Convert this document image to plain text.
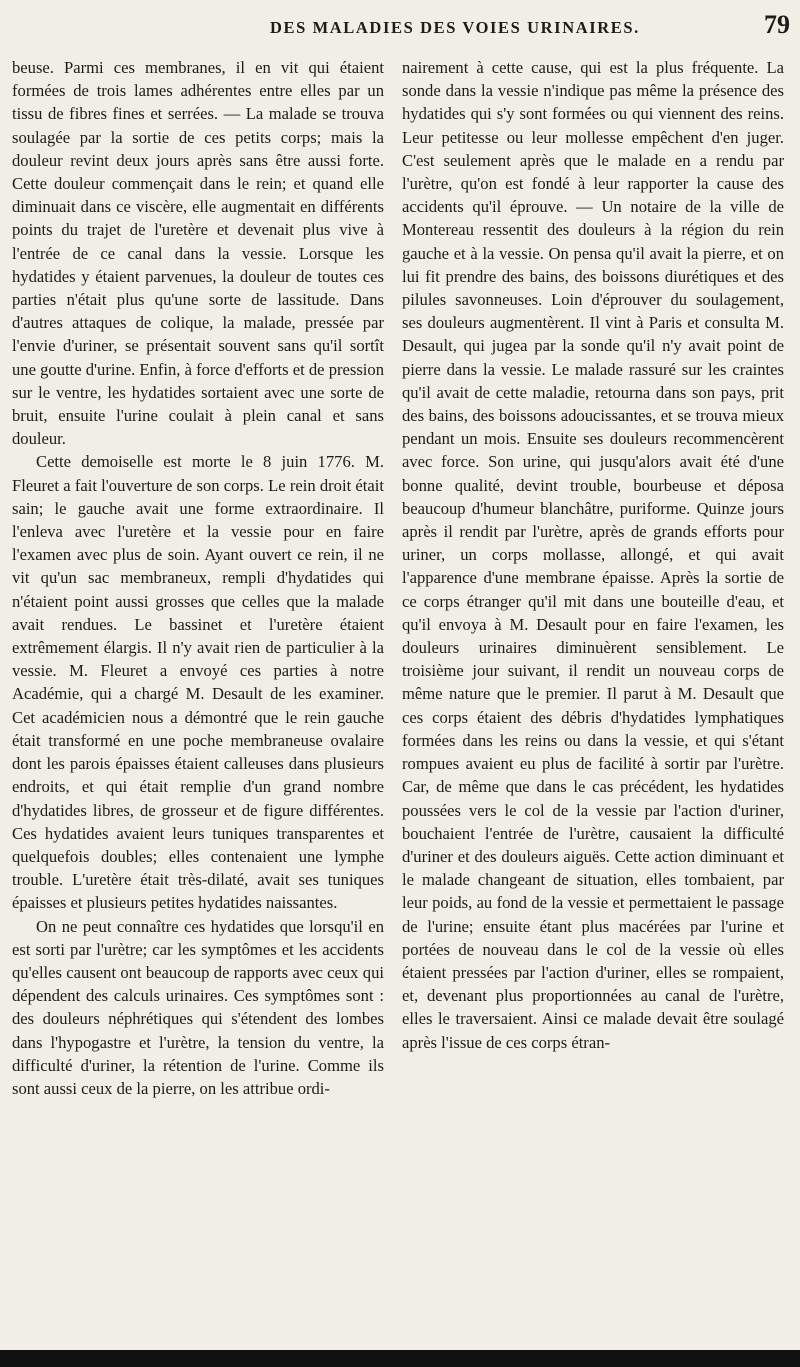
DES MALADIES DES VOIES URINAIRES.	79

beuse. Parmi ces membranes, il en vit qui étaient formées de trois lames adhérentes entre elles par un tissu de fibres fines et serrées. — La malade se trouva soulagée par la sortie de ces petits corps; mais la douleur revint deux jours après sans être aussi forte. Cette douleur commençait dans le rein; et quand elle diminuait dans ce viscère, elle augmentait en différents points du trajet de l'uretère et devenait plus vive à l'entrée de ce canal dans la vessie. Lorsque les hydatides y étaient parvenues, la douleur de toutes ces parties n'était plus qu'une sorte de lassitude. Dans d'autres attaques de colique, la malade, pressée par l'envie d'uriner, se présentait souvent sans qu'il sortît une goutte d'urine. Enfin, à force d'efforts et de pression sur le ventre, les hydatides sortaient avec une sorte de bruit, ensuite l'urine coulait à plein canal et sans douleur.

Cette demoiselle est morte le 8 juin 1776. M. Fleuret a fait l'ouverture de son corps. Le rein droit était sain; le gauche avait une forme extraordinaire. Il l'enleva avec l'uretère et la vessie pour en faire l'examen avec plus de soin. Ayant ouvert ce rein, il ne vit qu'un sac membraneux, rempli d'hydatides qui n'étaient point aussi grosses que celles que la malade avait rendues. Le bassinet et l'uretère étaient extrêmement élargis. Il n'y avait rien de particulier à la vessie. M. Fleuret a envoyé ces parties à notre Académie, qui a chargé M. Desault de les examiner. Cet académicien nous a démontré que le rein gauche était transformé en une poche membraneuse ovalaire dont les parois épaisses étaient calleuses dans plusieurs endroits, et qui était remplie d'un grand nombre d'hydatides libres, de grosseur et de figure différentes. Ces hydatides avaient leurs tuniques transparentes et quelquefois doubles; elles contenaient une lymphe trouble. L'uretère était très-dilaté, avait ses tuniques épaisses et plusieurs petites hydatides naissantes.

On ne peut connaître ces hydatides que lorsqu'il en est sorti par l'urètre; car les symptômes et les accidents qu'elles causent ont beaucoup de rapports avec ceux qui dépendent des calculs urinaires. Ces symptômes sont : des douleurs néphrétiques qui s'étendent des lombes dans l'hypogastre et l'urètre, la tension du ventre, la difficulté d'uriner, la rétention de l'urine. Comme ils sont aussi ceux de la pierre, on les attribue ordi-

nairement à cette cause, qui est la plus fréquente. La sonde dans la vessie n'indique pas même la présence des hydatides qui s'y sont formées ou qui viennent des reins. Leur petitesse ou leur mollesse empêchent d'en juger. C'est seulement après que le malade en a rendu par l'urètre, qu'on est fondé à leur rapporter la cause des accidents qu'il éprouve. — Un notaire de la ville de Montereau ressentit des douleurs à la région du rein gauche et à la vessie. On pensa qu'il avait la pierre, et on lui fit prendre des bains, des boissons diurétiques et des pilules savonneuses. Loin d'éprouver du soulagement, ses douleurs augmentèrent. Il vint à Paris et consulta M. Desault, qui jugea par la sonde qu'il n'y avait point de pierre dans la vessie. Le malade rassuré sur les craintes qu'il avait de cette maladie, retourna dans son pays, prit des bains, des boissons adoucissantes, et se trouva mieux pendant un mois. Ensuite ses douleurs recommencèrent avec force. Son urine, qui jusqu'alors avait été d'une bonne qualité, devint trouble, bourbeuse et déposa beaucoup d'humeur blanchâtre, puriforme. Quinze jours après il rendit par l'urètre, après de grands efforts pour uriner, un corps mollasse, allongé, et qui avait l'apparence d'une membrane épaisse. Après la sortie de ce corps étranger qu'il mit dans une bouteille d'eau, et qu'il envoya à M. Desault pour en faire l'examen, les douleurs urinaires diminuèrent sensiblement. Le troisième jour suivant, il rendit un nouveau corps de même nature que le premier. Il parut à M. Desault que ces corps étaient des débris d'hydatides lymphatiques formées dans les reins ou dans la vessie, et qui s'étant rompues avaient eu plus de facilité à sortir par l'urètre. Car, de même que dans le cas précédent, les hydatides poussées vers le col de la vessie par l'action d'uriner, bouchaient l'entrée de l'urètre, causaient la difficulté d'uriner et des douleurs aiguës. Cette action diminuant et le malade changeant de situation, elles tombaient, par leur poids, au fond de la vessie et permettaient le passage de l'urine; ensuite étant plus macérées par l'urine et portées de nouveau dans le col de la vessie où elles étaient pressées par l'action d'uriner, elles se rompaient, et, devenant plus proportionnées au canal de l'urètre, elles le traversaient. Ainsi ce malade devait être soulagé après l'issue de ces corps étran-
